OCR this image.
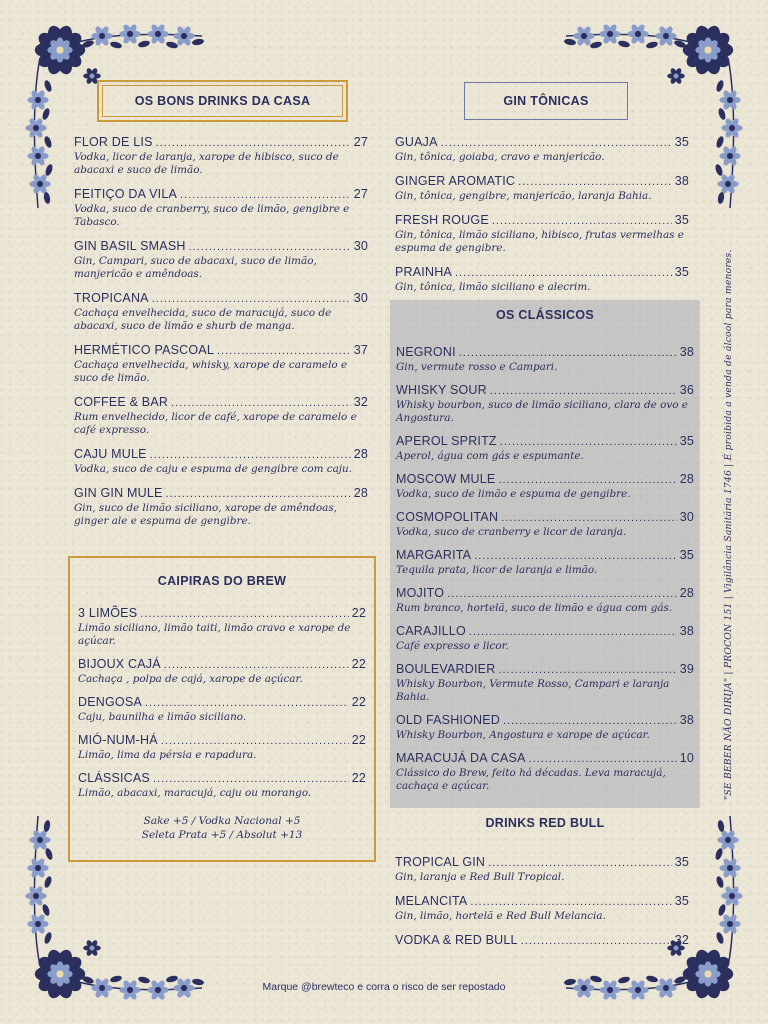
OS BONS DRINKS DA CASA	GIN TÔNICAS
FLOR DE LIS .....	27
Vodka, licor de laranja, xarope de hibisco, suco de abacaxi e suco de limão.
FEITIÇO DA VILA .....	27
Vodka, suco de cranberry, suco de limão, gengibre e Tabasco.
GIN BASIL SMASH .....	30
Gin, Campari, suco de abacaxi, suco de limão, manjericão e amêndoas.
TROPICANA .....	30
Cachaça envelhecida, suco de maracujá, suco de abacaxi, suco de limão e shurb de manga.
HERMÉTICO PASCOAL .....	37
Cachaça envelhecida, whisky, xarope de caramelo e suco de limão.
COFFEE & BAR .....	32
Rum envelhecido, licor de café, xarope de caramelo e café expresso.
CAJU MULE .....	28
Vodka, suco de caju e espuma de gengibre com caju.
GIN GIN MULE .....	28
Gin, suco de limão siciliano, xarope de amêndoas, ginger ale e espuma de gengibre.
CAIPIRAS DO BREW
3 LIMÕES .....	22
Limão siciliano, limão taiti, limão cravo e xarope de açúcar.
BIJOUX CAJÁ .....	22
Cachaça , polpa de cajá, xarope de açúcar.
DENGOSA .....	22
Caju, baunilha e limão siciliano.
MIÓ-NUM-HÁ .....	22
Limão, lima da pérsia e rapadura.
CLÁSSICAS .....	22
Limão, abacaxi, maracujá, caju ou morango.
Sake +5 / Vodka Nacional +5
Seleta Prata +5 / Absolut +13
GUAJA .....	35
Gin, tônica, goiaba, cravo e manjericão.
GINGER AROMATIC .....	38
Gin, tônica, gengibre, manjericão, laranja Bahia.
FRESH ROUGE .....	35
Gin, tônica, limão siciliano, hibisco, frutas vermelhas e espuma de gengibre.
PRAINHA .....	35
Gin, tônica, limão siciliano e alecrim.
OS CLÁSSICOS
NEGRONI .....	38
Gin, vermute rosso e Campari.
WHISKY SOUR .....	36
Whisky bourbon, suco de limão siciliano, clara de ovo e Angostura.
APEROL SPRITZ .....	35
Aperol, água com gás e espumante.
MOSCOW MULE .....	28
Vodka, suco de limão e espuma de gengibre.
COSMOPOLITAN .....	30
Vodka, suco de cranberry e licor de laranja.
MARGARITA .....	35
Tequila prata, licor de laranja e limão.
MOJITO .....	28
Rum branco, hortelã, suco de limão e água com gás.
CARAJILLO .....	38
Café expresso e licor.
BOULEVARDIER .....	39
Whisky Bourbon, Vermute Rosso, Campari e laranja Bahia.
OLD FASHIONED .....	38
Whisky Bourbon, Angostura e xarope de açúcar.
MARACUJÁ DA CASA .....	10
Clássico do Brew, feito há décadas. Leva maracujá, cachaça e açúcar.
DRINKS RED BULL
TROPICAL GIN .....	35
Gin, laranja e Red Bull Tropical.
MELANCITA .....	35
Gin, limão, hortelã e Red Bull Melancia.
VODKA & RED BULL .....	32
"SE BEBER NÃO DIRIJA" | PROCON 151 | Vigilância Sanitária 1746 | É proibida a venda de álcool para menores.
Marque @brewteco e corra o risco de ser repostado
